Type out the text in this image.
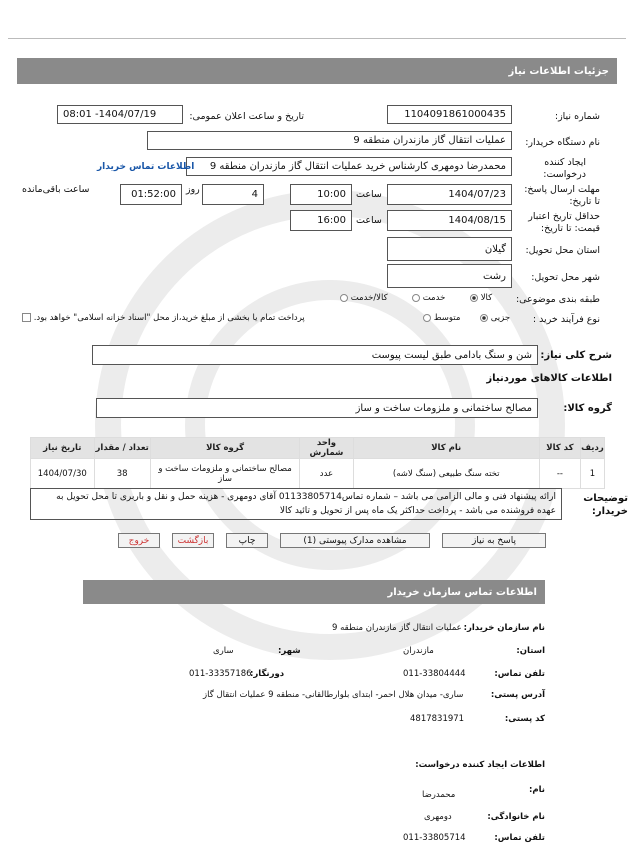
جزئیات اطلاعات نیاز
شماره نیاز:
1104091861000435
تاریخ و ساعت اعلان عمومی:
1404/07/19- 08:01
نام دستگاه خریدار:
عملیات انتقال گاز مازندران منطقه 9
ایجاد کننده درخواست:
محمدرضا دومهری کارشناس خرید عملیات انتقال گاز مازندران منطقه 9
اطلاعات تماس خریدار
مهلت ارسال پاسخ: تا تاریخ:
1404/07/23
ساعت
10:00
4
روز
01:52:00
ساعت باقی‌مانده
حداقل تاریخ اعتبار قیمت: تا تاریخ:
1404/08/15
ساعت
16:00
استان محل تحویل:
گیلان
شهر محل تحویل:
رشت
طبقه بندی موضوعی:
کالا
خدمت
کالا/خدمت
نوع فرآیند خرید :
جزیی
متوسط
پرداخت تمام یا بخشی از مبلغ خرید،از محل "اسناد خزانه اسلامی" خواهد بود.
شرح کلی نیاز:
شن و سنگ بادامی طبق لیست پیوست
اطلاعات کالاهای موردنیاز
گروه کالا:
مصالح ساختمانی و ملزومات ساخت و ساز
ردیف	کد کالا	نام کالا	واحد شمارش	گروه کالا	تعداد / مقدار	تاریخ نیاز
1	--	تخته سنگ طبیعی (سنگ لاشه)	عدد	مصالح ساختمانی و ملزومات ساخت و ساز	38	1404/07/30
توضیحات خریدار:
ارائه پیشنهاد فنی و مالی الزامی می باشد – شماره تماس01133805714 آقای دومهری - هزینه حمل و نقل و باربری تا محل تحویل به عهده فروشنده می باشد - پرداخت حداکثر یک ماه پس از تحویل و تائید کالا
پاسخ به نیاز
مشاهده مدارک پیوستی (1)
چاپ
بازگشت
خروج
اطلاعات تماس سازمان خریدار
نام سازمان خریدار:
عملیات انتقال گاز مازندران منطقه 9
استان:
مازندران
شهر:
ساری
تلفن تماس:
011-33804444
دورنگار:
011-33357186
آدرس پستی:
ساری- میدان هلال احمر- ابتدای بلوارطالقانی- منطقه 9 عملیات انتقال گاز
کد پستی:
4817831971
اطلاعات ایجاد کننده درخواست:
نام:
محمدرضا
نام خانوادگی:
دومهری
تلفن تماس:
011-33805714
